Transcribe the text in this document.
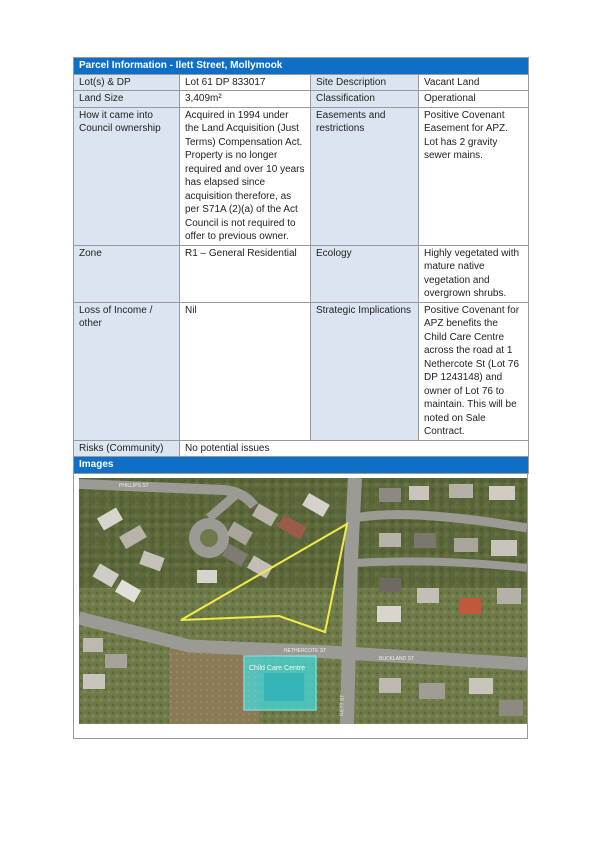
Parcel Information - Ilett Street, Mollymook			
Lot(s) & DP	Lot 61 DP 833017	Site Description	Vacant Land
Land Size	3,409m²	Classification	Operational
How it came into Council ownership	Acquired in 1994 under the Land Acquisition (Just Terms) Compensation Act. Property is no longer required and over 10 years has elapsed since acquisition therefore, as per S71A (2)(a) of the Act Council is not required to offer to previous owner.	Easements and restrictions	Positive Covenant Easement for APZ. Lot has 2 gravity sewer mains.
Zone	R1 – General Residential	Ecology	Highly vegetated with mature native vegetation and overgrown shrubs.
Loss of Income / other	Nil	Strategic Implications	Positive Covenant for APZ benefits the Child Care Centre across the road at 1 Nethercote St (Lot 76 DP 1243148) and owner of Lot 76 to maintain. This will be noted on Sale Contract.
Risks (Community)	No potential issues		
Images			
Child Care Centre
PHILLIPS ST
NETHERCOTE ST
BUCKLAND ST
ILETT ST
